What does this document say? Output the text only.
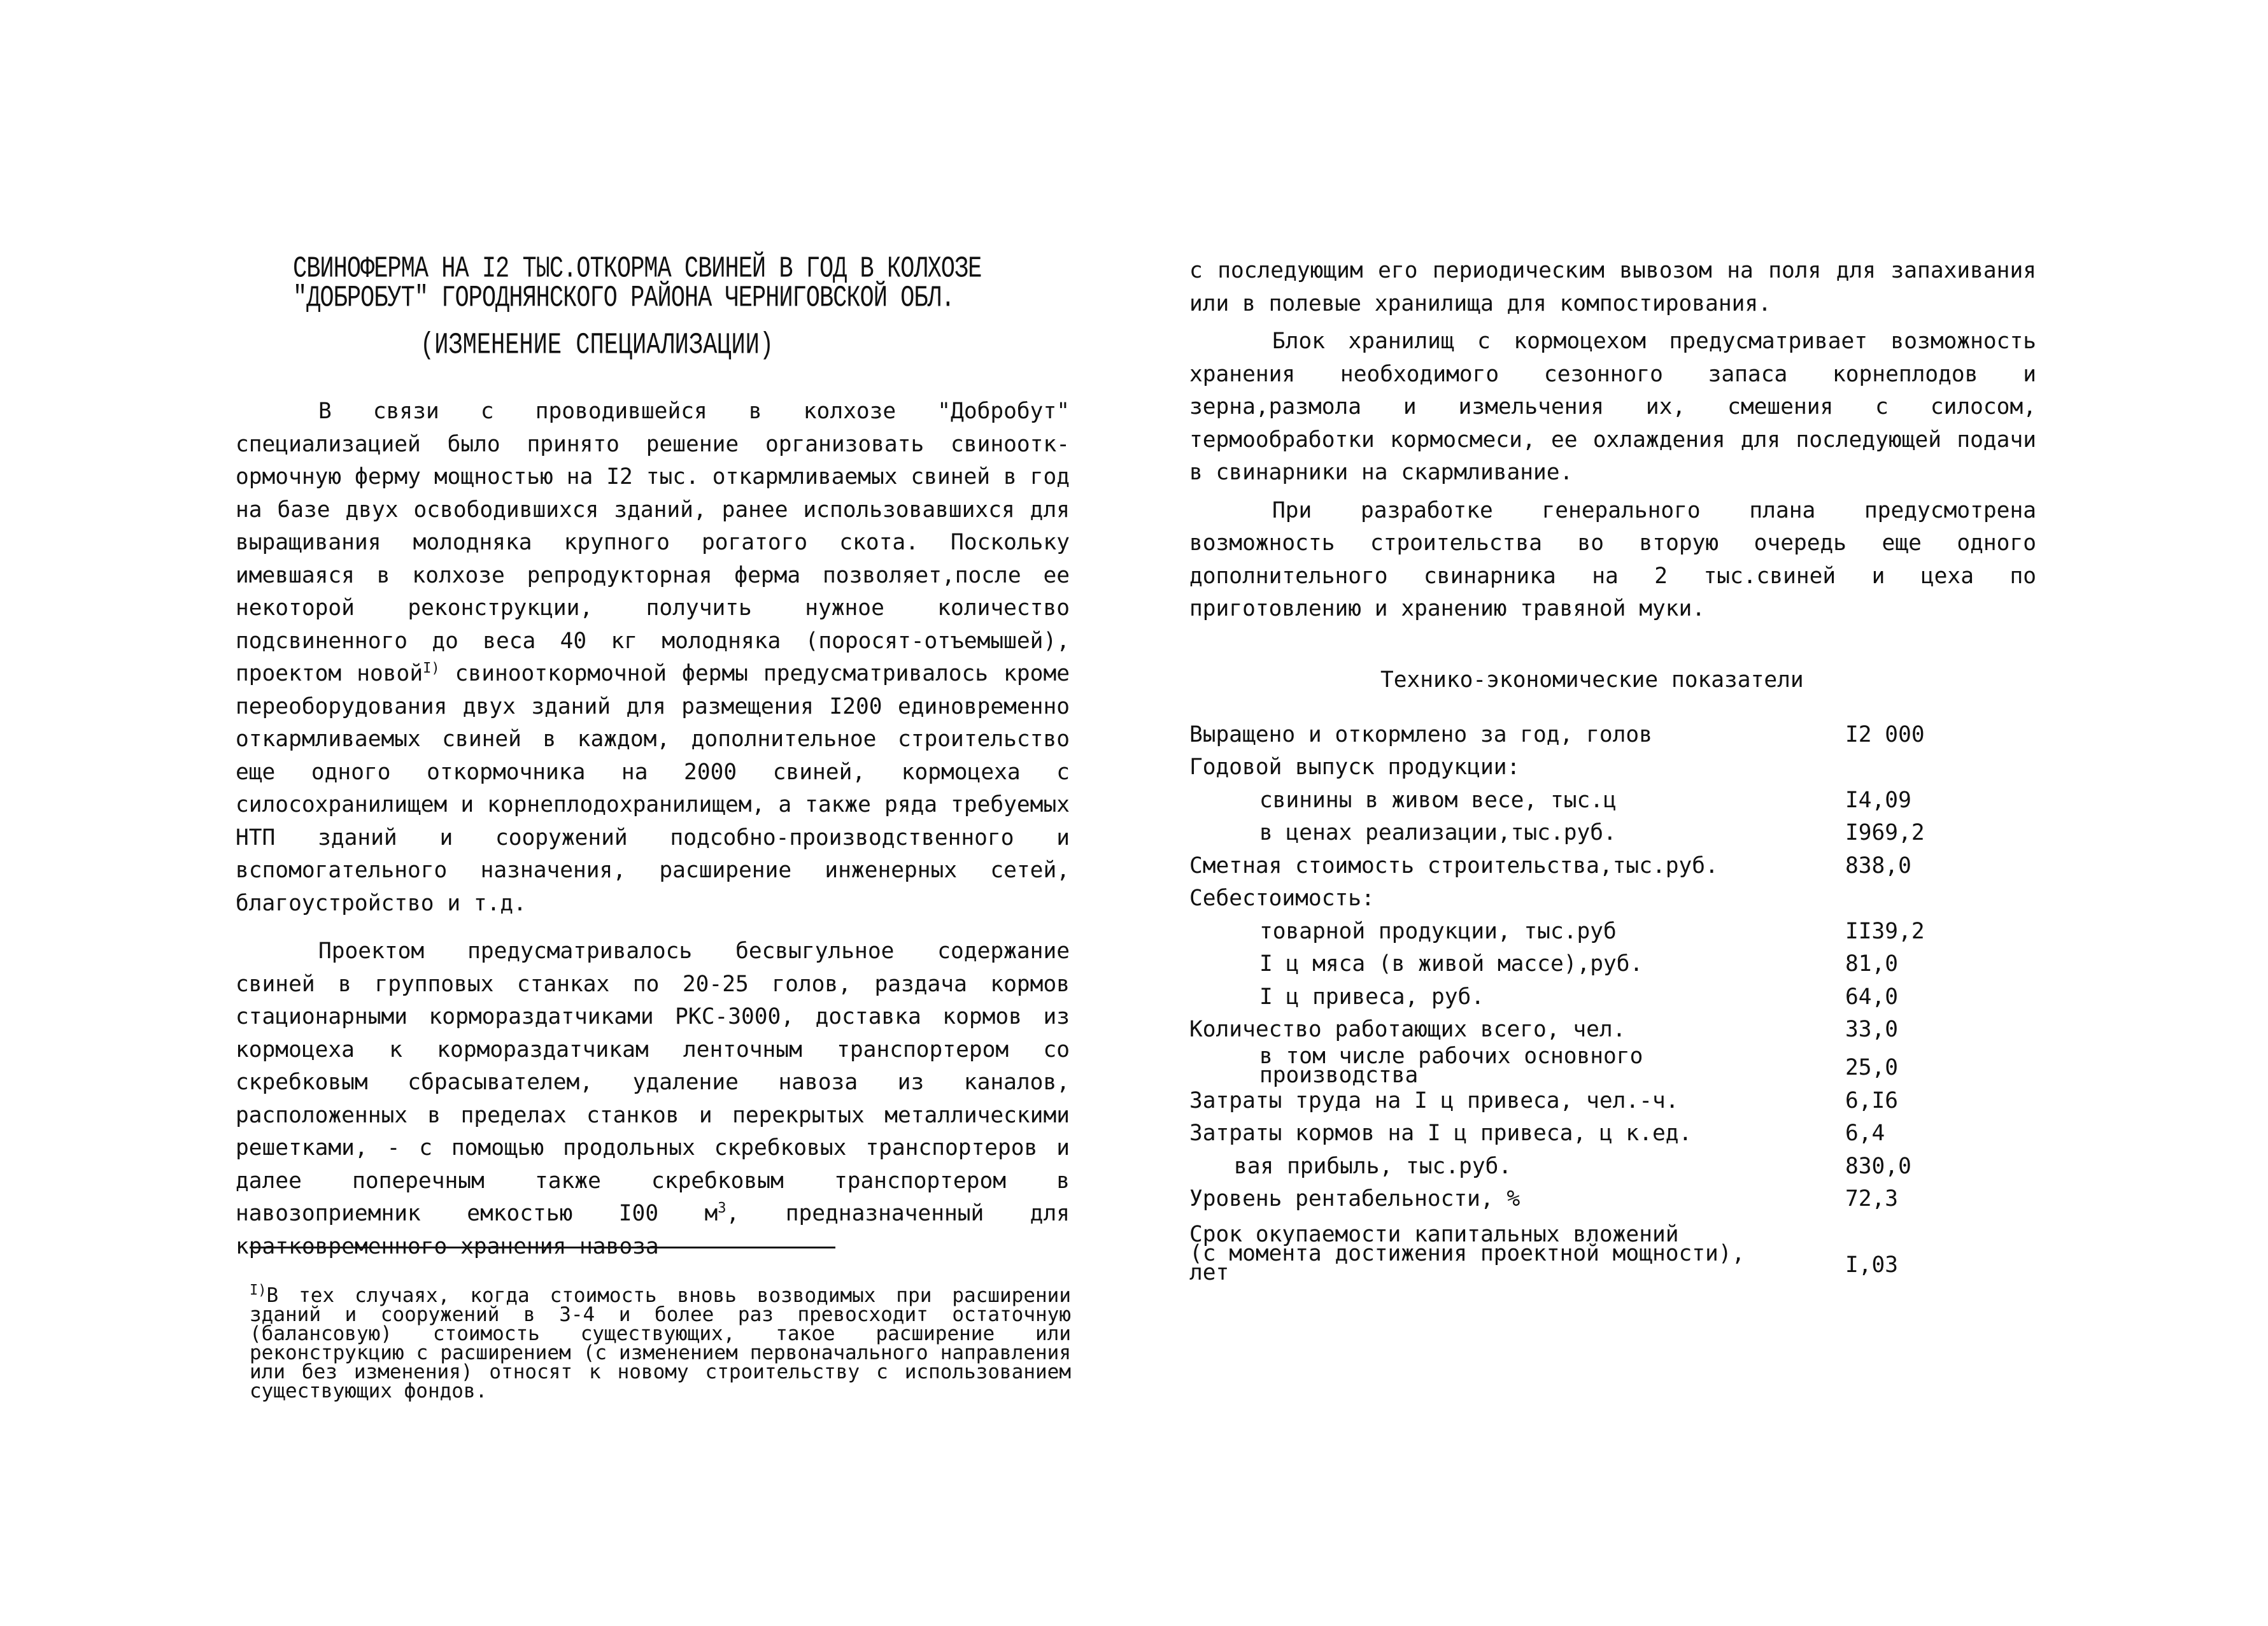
СВИНОФЕРМА НА I2 ТЫС.ОТКОРМА СВИНЕЙ В ГОД В КОЛХОЗЕ
"ДОБРОБУТ" ГОРОДНЯНСКОГО РАЙОНА ЧЕРНИГОВСКОЙ ОБЛ.
(ИЗМЕНЕНИЕ СПЕЦИАЛИЗАЦИИ)

В связи с проводившейся в колхозе "Добробут" специализацией было принято решение организовать свинооткормочную ферму мощностью на I2 тыс. откармливаемых свиней в год на базе двух освободившихся зданий, ранее использовавшихся для выращивания молодняка крупного рогатого скота. Поскольку имевшаяся в колхозе репродукторная ферма позволяет,после ее некоторой реконструкции, получить нужное количество подсвиненного до веса 40 кг молодняка (поросят-отъемышей), проектом новой$^{I)}$ свинооткормочной фермы предусматривалось кроме переоборудования двух зданий для размещения I200 единовременно откармливаемых свиней в каждом, дополнительное строительство еще одного откормочника на 2000 свиней, кормоцеха с силосохранилищем и корнеплодохранилищем, а также ряда требуемых НТП зданий и сооружений подсобно-производственного и вспомогательного назначения, расширение инженерных сетей, благоустройство и т.д.

Проектом предусматривалось бесвыгульное содержание свиней в групповых станках по 20-25 голов, раздача кормов стационарными кормораздатчиками РКС-3000, доставка кормов из кормоцеха к кормораздатчикам ленточным транспортером со скребковым сбрасывателем, удаление навоза из каналов, расположенных в пределах станков и перекрытых металлическими решетками, - с помощью продольных скребковых транспортеров и далее поперечным также скребковым транспортером в навозоприемник емкостью I00 $м^3$, предназначенный для кратковременного хранения навоза

$^{I)}$В тех случаях, когда стоимость вновь возводимых при расширении зданий и сооружений в 3-4 и более раз превосходит остаточную (балансовую) стоимость существующих, такое расширение или реконструкцию с расширением (с изменением первоначального направления или без изменения) относят к новому строительству с использованием существующих фондов.

с последующим его периодическим вывозом на поля для запахивания или в полевые хранилища для компостирования.

Блок хранилищ с кормоцехом предусматривает возможность хранения необходимого сезонного запаса корнеплодов и зерна,размола и измельчения их, смешения с силосом, термообработки кормосмеси, ее охлаждения для последующей подачи в свинарники на скармливание.

При разработке генерального плана предусмотрена возможность строительства во вторую очередь еще одного дополнительного свинарника на 2 тыс.свиней и цеха по приготовлению и хранению травяной муки.

Технико-экономические показатели
Выращено и откормлено за год, голов	I2 000
Годовой выпуск продукции:
свинины в живом весе, тыс.ц	I4,09
в ценах реализации,тыс.руб.	I969,2
Сметная стоимость строительства,тыс.руб.	838,0
Себестоимость:
товарной продукции, тыс.руб	II39,2
I ц мяса (в живой массе),руб.	81,0
I ц привеса, руб.	64,0
Количество работающих всего, чел.	33,0
в том числе рабочих основного
производства	25,0
Затраты труда на I ц привеса, чел.-ч.	6,I6
Затраты кормов на I ц привеса, ц к.ед.	6,4
вая прибыль, тыс.руб.	830,0
Уровень рентабельности, %	72,3
Срок окупаемости капитальных вложений
(с момента достижения проектной мощности),
лет	I,03
